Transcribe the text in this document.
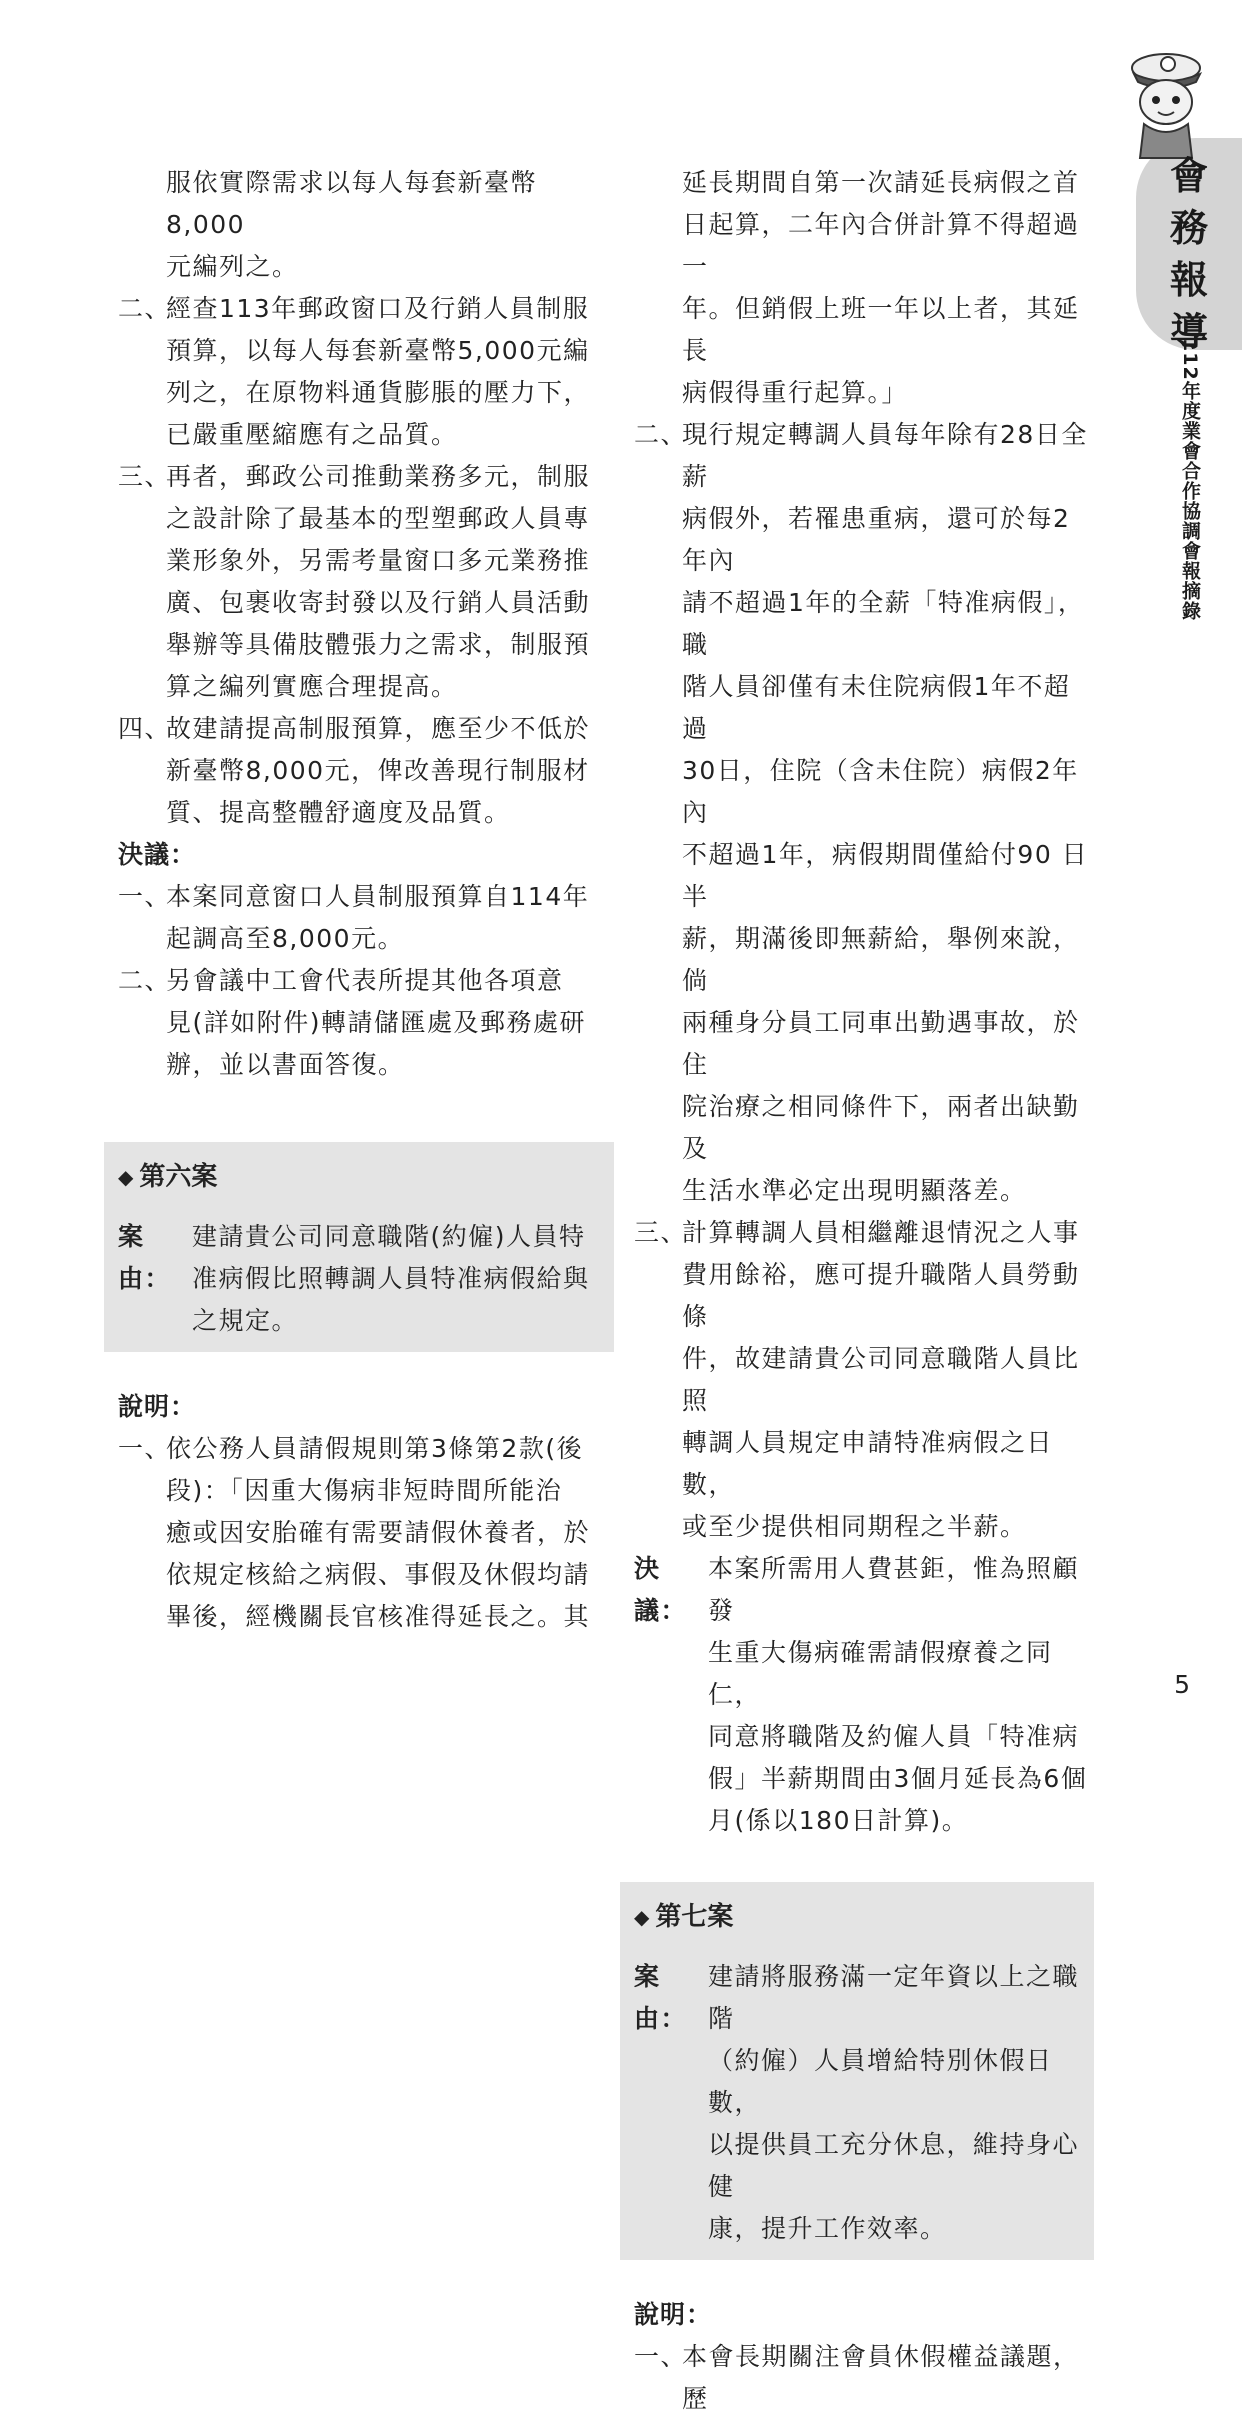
會務報導
112年度業會合作協調會報摘錄
服依實際需求以每人每套新臺幣8,000
元編列之。
二、
經查113年郵政窗口及行銷人員制服
預算，以每人每套新臺幣5,000元編
列之，在原物料通貨膨脹的壓力下，
已嚴重壓縮應有之品質。
三、
再者，郵政公司推動業務多元，制服
之設計除了最基本的型塑郵政人員專
業形象外，另需考量窗口多元業務推
廣、包裹收寄封發以及行銷人員活動
舉辦等具備肢體張力之需求，制服預
算之編列實應合理提高。
四、
故建請提高制服預算，應至少不低於
新臺幣8,000元，俾改善現行制服材
質、提高整體舒適度及品質。
決議：
一、
本案同意窗口人員制服預算自114年
起調高至8,000元。
二、
另會議中工會代表所提其他各項意
見(詳如附件)轉請儲匯處及郵務處研
辦，並以書面答復。
◆ 第六案
案由：
建請貴公司同意職階(約僱)人員特
准病假比照轉調人員特准病假給與
之規定。
說明：
一、
依公務人員請假規則第3條第2款(後
段)：「因重大傷病非短時間所能治
癒或因安胎確有需要請假休養者，於
依規定核給之病假、事假及休假均請
畢後，經機關長官核准得延長之。其
延長期間自第一次請延長病假之首
日起算，二年內合併計算不得超過一
年。但銷假上班一年以上者，其延長
病假得重行起算。」
二、
現行規定轉調人員每年除有28日全薪
病假外，若罹患重病，還可於每2年內
請不超過1年的全薪「特准病假」，職
階人員卻僅有未住院病假1年不超過
30日，住院（含未住院）病假2年內
不超過1年，病假期間僅給付90 日半
薪，期滿後即無薪給，舉例來說，倘
兩種身分員工同車出勤遇事故，於住
院治療之相同條件下，兩者出缺勤及
生活水準必定出現明顯落差。
三、
計算轉調人員相繼離退情況之人事
費用餘裕，應可提升職階人員勞動條
件，故建請貴公司同意職階人員比照
轉調人員規定申請特准病假之日數，
或至少提供相同期程之半薪。
決議：
本案所需用人費甚鉅，惟為照顧發
生重大傷病確需請假療養之同仁，
同意將職階及約僱人員「特准病
假」半薪期間由3個月延長為6個
月(係以180日計算)。
◆ 第七案
案由：
建請將服務滿一定年資以上之職階
（約僱）人員增給特別休假日數，
以提供員工充分休息，維持身心健
康，提升工作效率。
說明：
一、
本會長期關注會員休假權益議題，歷
5
